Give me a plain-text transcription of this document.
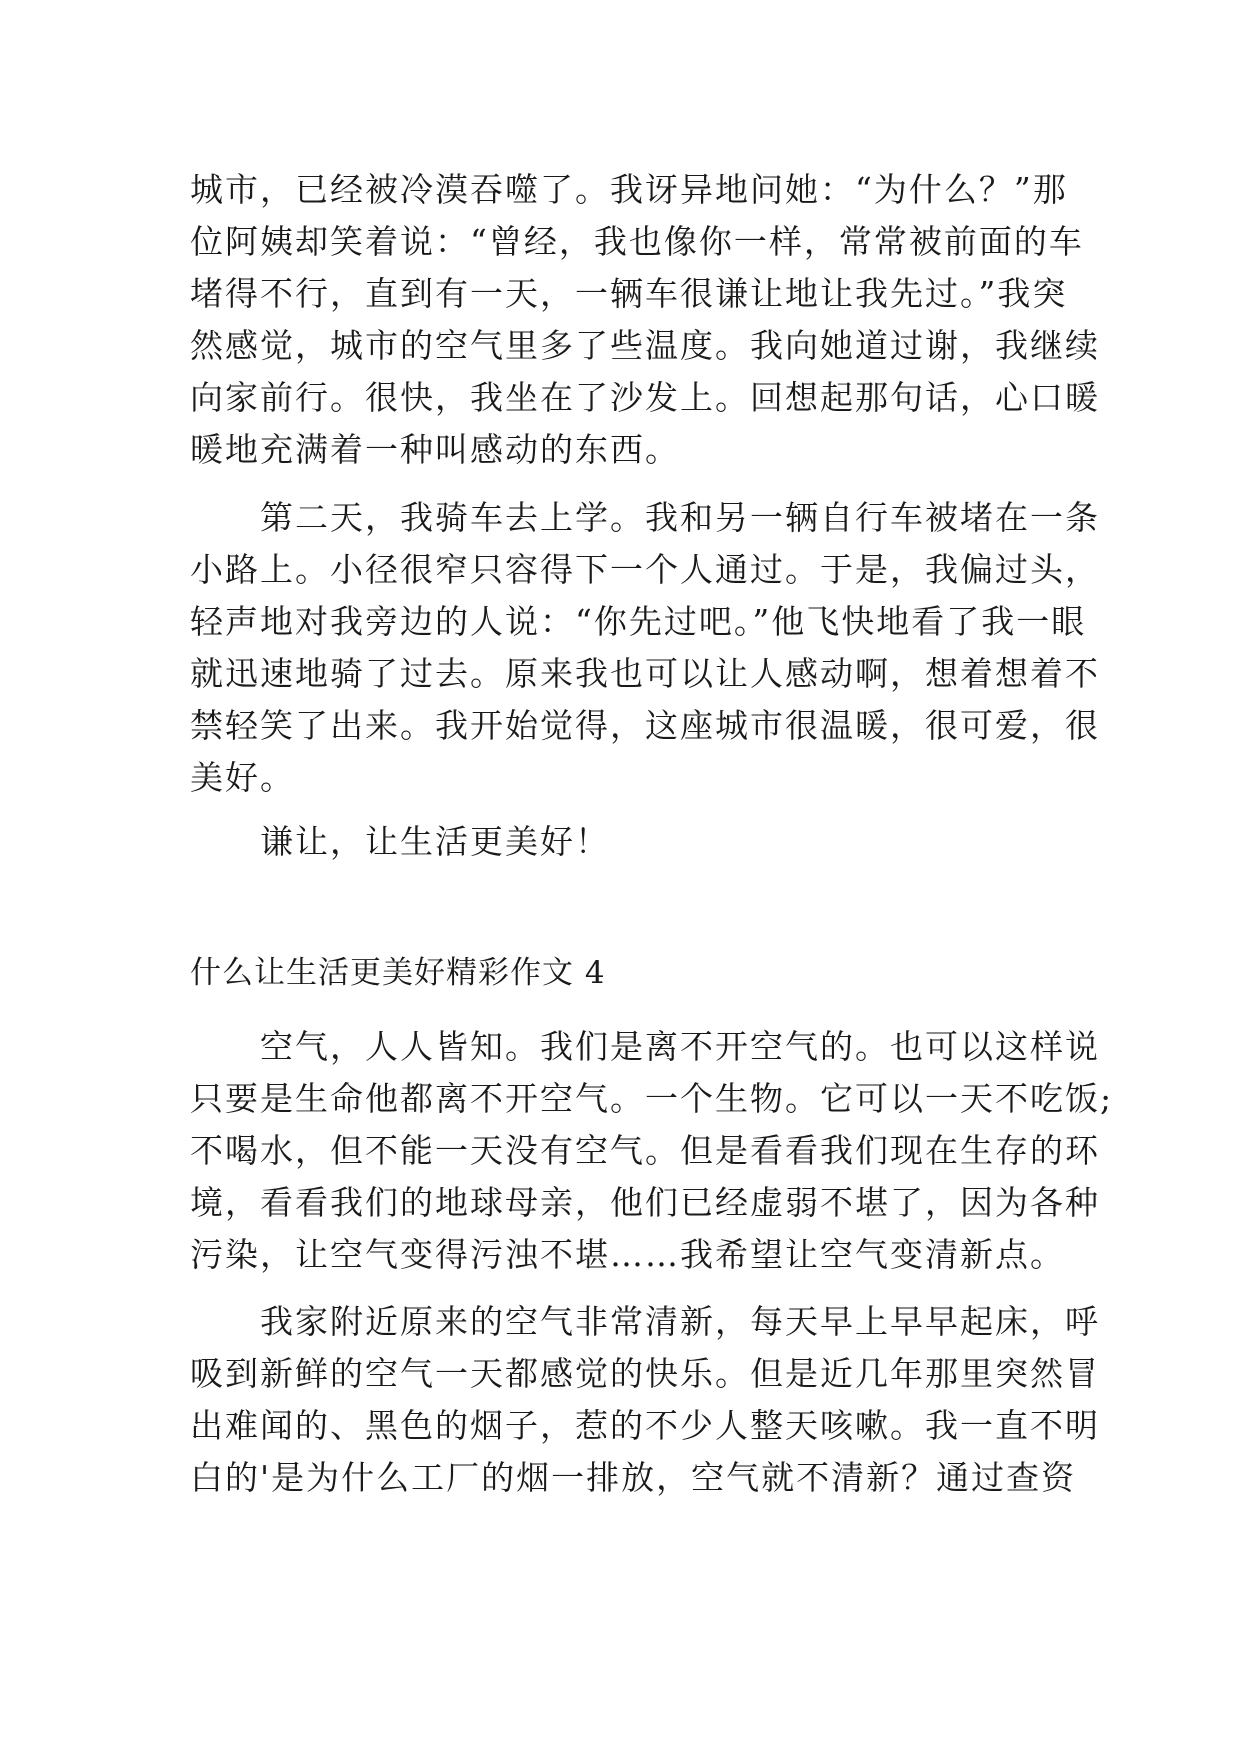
城市，已经被冷漠吞噬了。我讶异地问她：“为什么？”那
位阿姨却笑着说：“曾经，我也像你一样，常常被前面的车
堵得不行，直到有一天，一辆车很谦让地让我先过。”我突
然感觉，城市的空气里多了些温度。我向她道过谢，我继续
向家前行。很快，我坐在了沙发上。回想起那句话，心口暖
暖地充满着一种叫感动的东西。
　　第二天，我骑车去上学。我和另一辆自行车被堵在一条
小路上。小径很窄只容得下一个人通过。于是，我偏过头，
轻声地对我旁边的人说：“你先过吧。”他飞快地看了我一眼
就迅速地骑了过去。原来我也可以让人感动啊，想着想着不
禁轻笑了出来。我开始觉得，这座城市很温暖，很可爱，很
美好。
　　谦让，让生活更美好！
什么让生活更美好精彩作文 4
　　空气，人人皆知。我们是离不开空气的。也可以这样说
只要是生命他都离不开空气。一个生物。它可以一天不吃饭;
不喝水，但不能一天没有空气。但是看看我们现在生存的环
境，看看我们的地球母亲，他们已经虚弱不堪了，因为各种
污染，让空气变得污浊不堪……我希望让空气变清新点。
　　我家附近原来的空气非常清新，每天早上早早起床，呼
吸到新鲜的空气一天都感觉的快乐。但是近几年那里突然冒
出难闻的、黑色的烟子，惹的不少人整天咳嗽。我一直不明
白的'是为什么工厂的烟一排放，空气就不清新？通过查资
